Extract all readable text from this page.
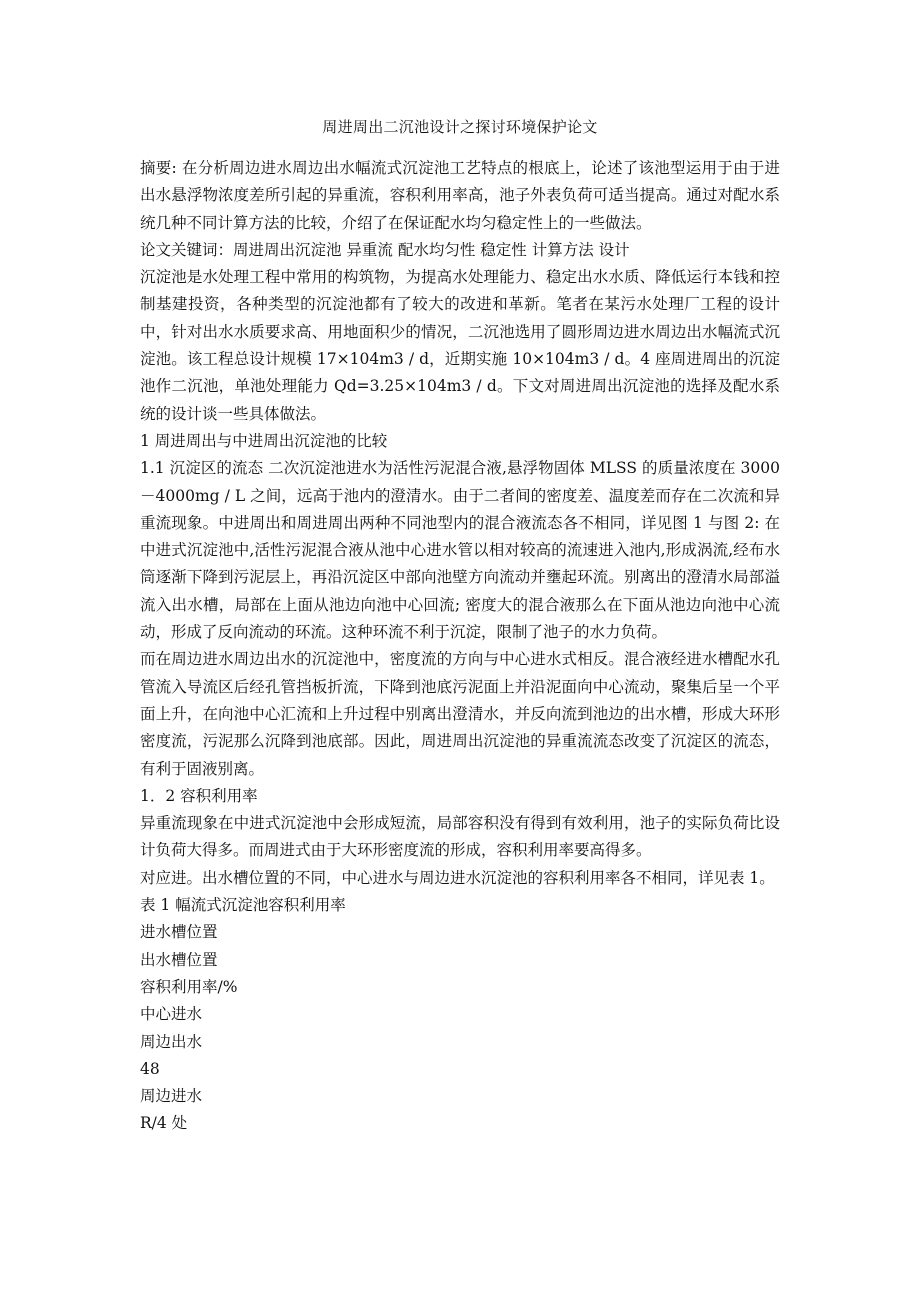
周进周出二沉池设计之探讨环境保护论文

摘要: 在分析周边进水周边出水幅流式沉淀池工艺特点的根底上，论述了该池型运用于由于进出水悬浮物浓度差所引起的异重流，容积利用率高，池子外表负荷可适当提高。通过对配水系统几种不同计算方法的比较，介绍了在保证配水均匀稳定性上的一些做法。

论文关键词：周进周出沉淀池 异重流 配水均匀性 稳定性 计算方法 设计

沉淀池是水处理工程中常用的构筑物，为提高水处理能力、稳定出水水质、降低运行本钱和控制基建投资，各种类型的沉淀池都有了较大的改进和革新。笔者在某污水处理厂工程的设计中，针对出水水质要求高、用地面积少的情况，二沉池选用了圆形周边进水周边出水幅流式沉淀池。该工程总设计规模 17×104m3 / d，近期实施 10×104m3 / d。4 座周进周出的沉淀池作二沉池，单池处理能力 Qd=3.25×104m3 / d。下文对周进周出沉淀池的选择及配水系统的设计谈一些具体做法。

1 周进周出与中进周出沉淀池的比较

1.1 沉淀区的流态 二次沉淀池进水为活性污泥混合液,悬浮物固体 MLSS 的质量浓度在 3000－4000mg / L 之间，远高于池内的澄清水。由于二者间的密度差、温度差而存在二次流和异重流现象。中进周出和周进周出两种不同池型内的混合液流态各不相同，详见图 1 与图 2: 在中进式沉淀池中,活性污泥混合液从池中心进水管以相对较高的流速进入池内,形成涡流,经布水筒逐渐下降到污泥层上，再沿沉淀区中部向池壁方向流动并壅起环流。别离出的澄清水局部溢流入出水槽，局部在上面从池边向池中心回流; 密度大的混合液那么在下面从池边向池中心流动，形成了反向流动的环流。这种环流不利于沉淀，限制了池子的水力负荷。

而在周边进水周边出水的沉淀池中，密度流的方向与中心进水式相反。混合液经进水槽配水孔管流入导流区后经孔管挡板折流，下降到池底污泥面上并沿泥面向中心流动，聚集后呈一个平面上升，在向池中心汇流和上升过程中别离出澄清水，并反向流到池边的出水槽，形成大环形密度流，污泥那么沉降到池底部。因此，周进周出沉淀池的异重流流态改变了沉淀区的流态，有利于固液别离。

1．2 容积利用率

异重流现象在中进式沉淀池中会形成短流，局部容积没有得到有效利用，池子的实际负荷比设计负荷大得多。而周进式由于大环形密度流的形成，容积利用率要高得多。

对应进。出水槽位置的不同，中心进水与周边进水沉淀池的容积利用率各不相同，详见表 1。

表 1 幅流式沉淀池容积利用率

进水槽位置

出水槽位置

容积利用率/%

中心进水

周边出水

48

周边进水

R/4 处
